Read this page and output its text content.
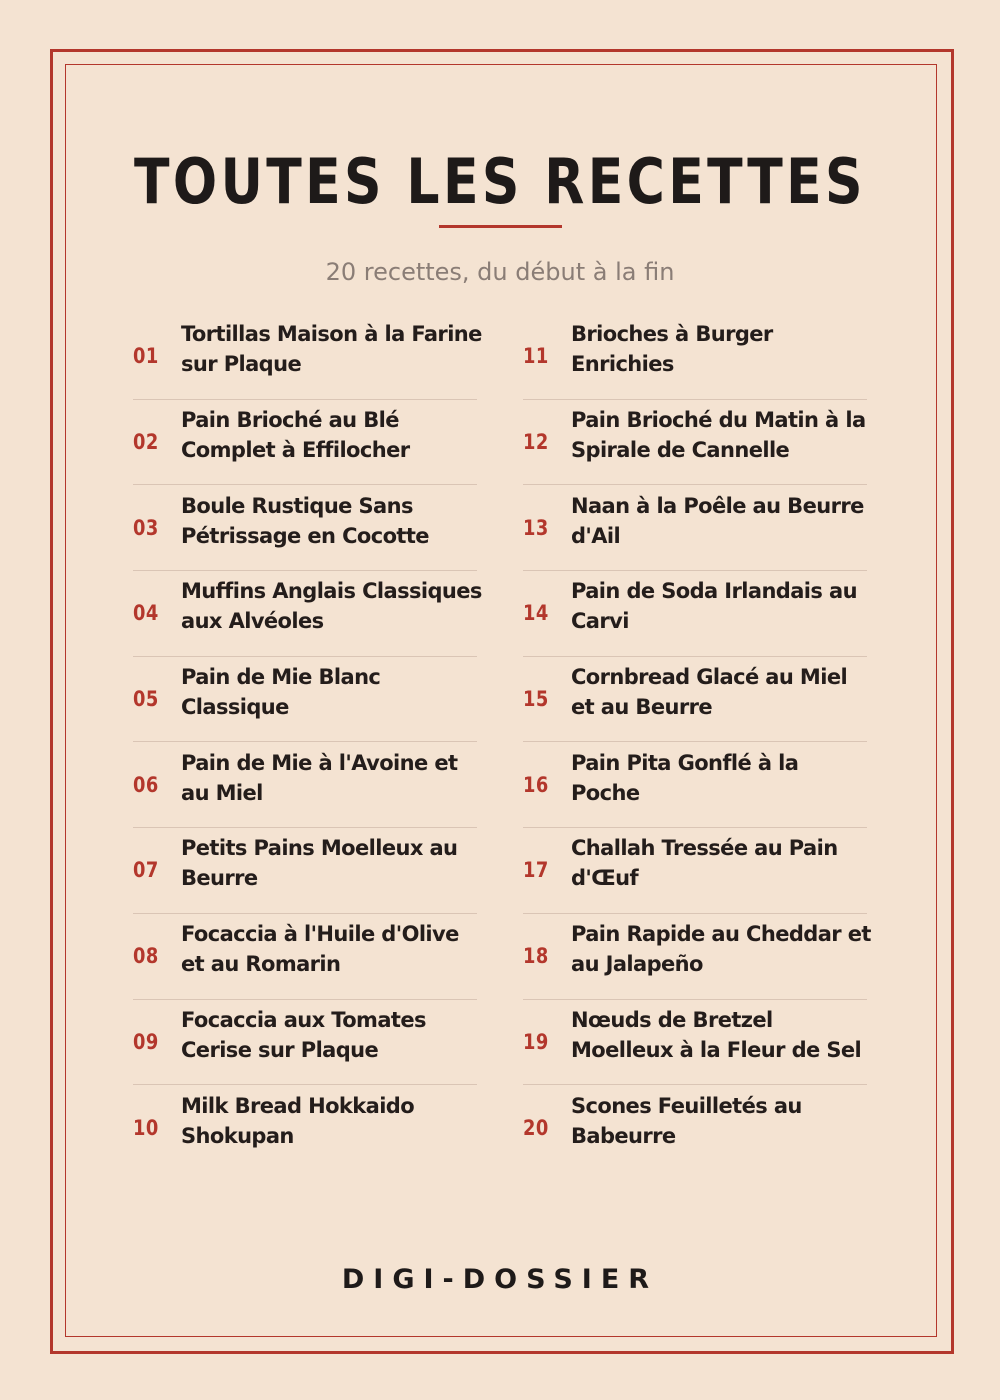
TOUTES LES RECETTES
20 recettes, du début à la fin
01
Tortillas Maison à la Farine sur Plaque
02
Pain Brioché au Blé Complet à Effilocher
03
Boule Rustique Sans Pétrissage en Cocotte
04
Muffins Anglais Classiques aux Alvéoles
05
Pain de Mie Blanc Classique
06
Pain de Mie à l'Avoine et au Miel
07
Petits Pains Moelleux au Beurre
08
Focaccia à l'Huile d'Olive et au Romarin
09
Focaccia aux Tomates Cerise sur Plaque
10
Milk Bread Hokkaido Shokupan
11
Brioches à Burger Enrichies
12
Pain Brioché du Matin à la Spirale de Cannelle
13
Naan à la Poêle au Beurre d'Ail
14
Pain de Soda Irlandais au Carvi
15
Cornbread Glacé au Miel et au Beurre
16
Pain Pita Gonflé à la Poche
17
Challah Tressée au Pain d'Œuf
18
Pain Rapide au Cheddar et au Jalapeño
19
Nœuds de Bretzel Moelleux à la Fleur de Sel
20
Scones Feuilletés au Babeurre
DIGI-DOSSIER
